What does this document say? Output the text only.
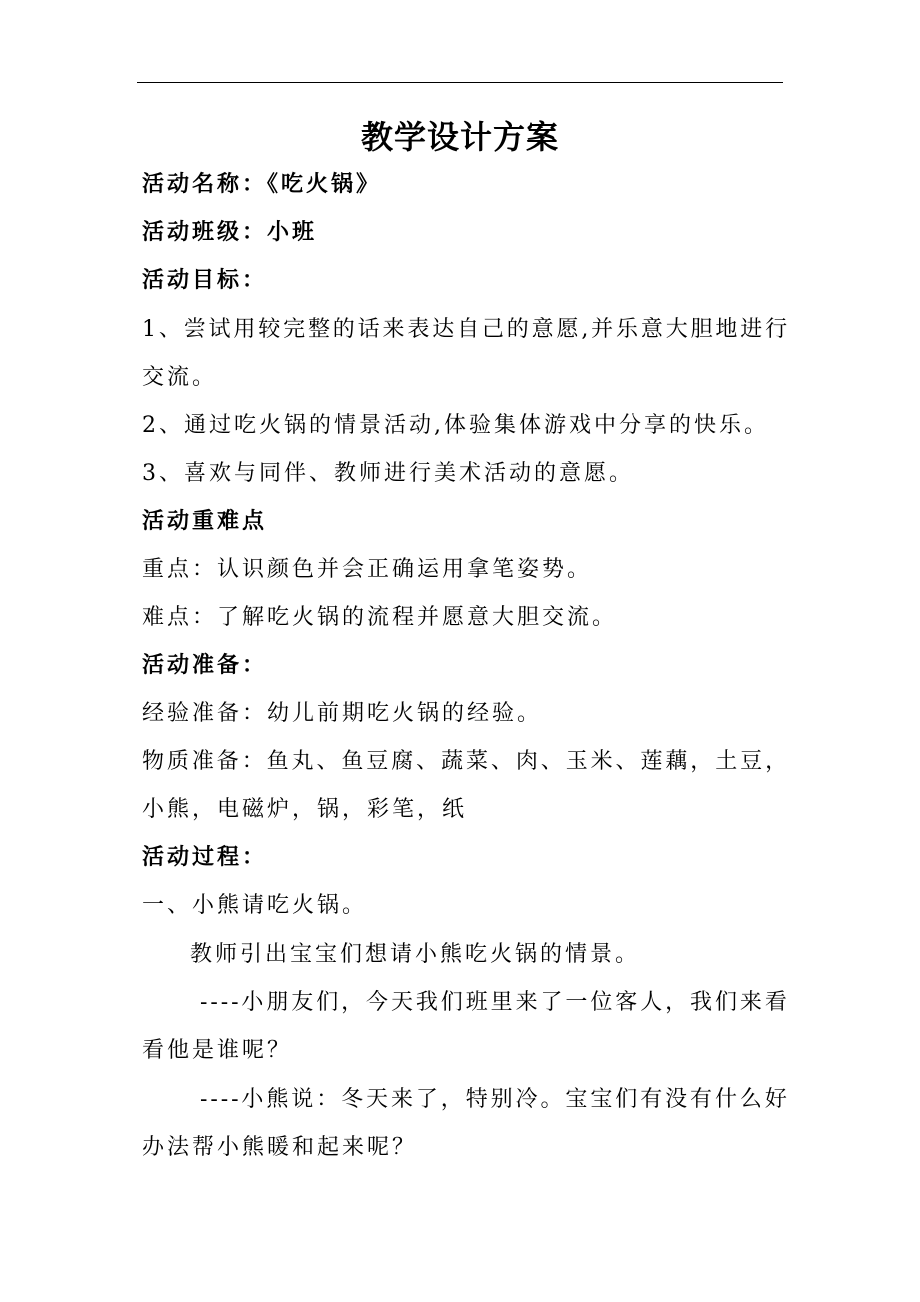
教学设计方案
活动名称：《吃火锅》
活动班级：小班
活动目标：
1、尝试用较完整的话来表达自己的意愿,并乐意大胆地进行
交流。
2、通过吃火锅的情景活动,体验集体游戏中分享的快乐。
3、喜欢与同伴、教师进行美术活动的意愿。
活动重难点
重点：认识颜色并会正确运用拿笔姿势。
难点：了解吃火锅的流程并愿意大胆交流。
活动准备：
经验准备：幼儿前期吃火锅的经验。
物质准备：鱼丸、鱼豆腐、蔬菜、肉、玉米、莲藕，土豆，
小熊，电磁炉，锅，彩笔，纸
活动过程：
一、小熊请吃火锅。
教师引出宝宝们想请小熊吃火锅的情景。
----小朋友们，今天我们班里来了一位客人，我们来看
看他是谁呢？
----小熊说：冬天来了，特别冷。宝宝们有没有什么好
办法帮小熊暖和起来呢？
